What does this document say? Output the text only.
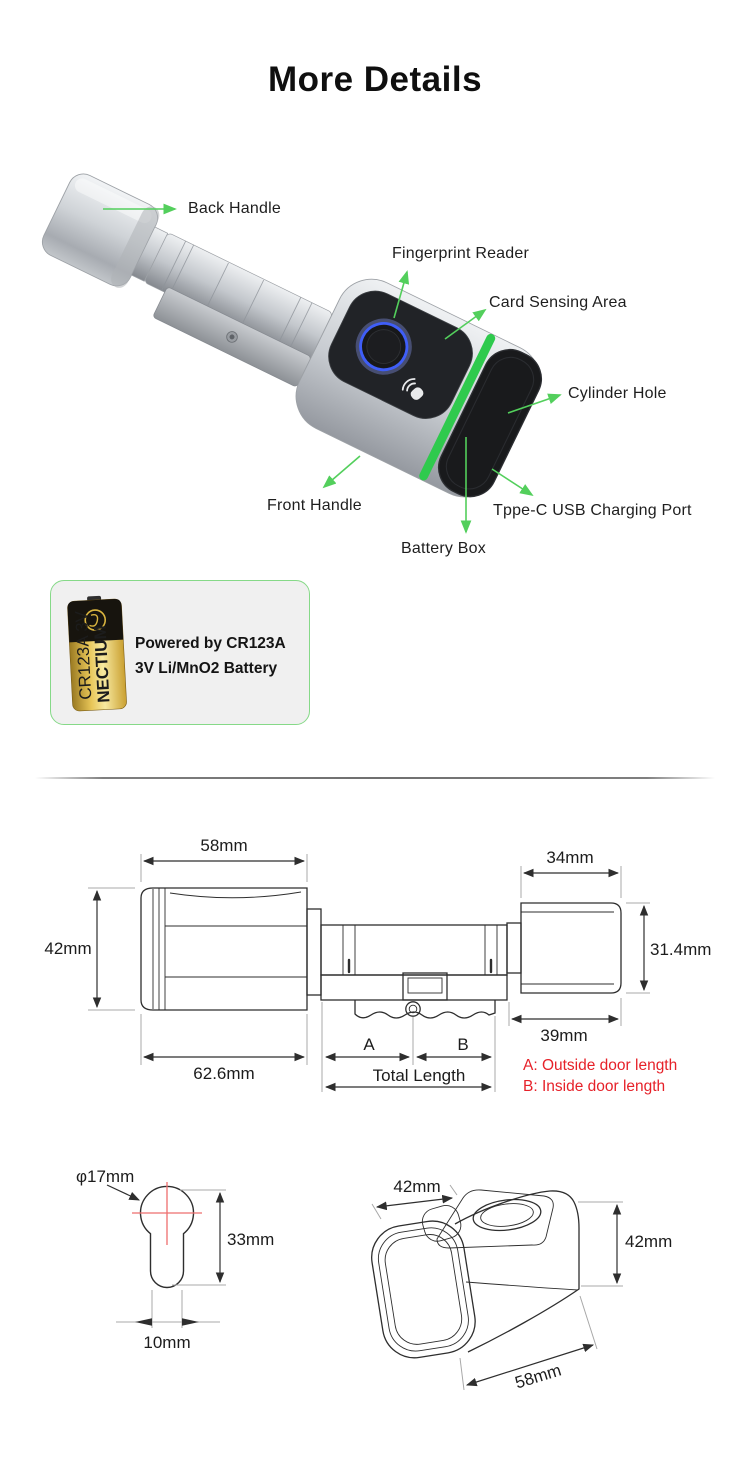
More Details
Back Handle
Fingerprint Reader
Card Sensing Area
Cylinder Hole
Front Handle	Tppe-C USB Charging Port
Battery Box
NECTIUM
CR123A 3V	Powered by CR123A
3V Li/MnO2 Battery
58mm
42mm
34mm
31.4mm
39mm
62.6mm
A	B
Total Length
A: Outside door length
B: Inside door length
φ17mm
33mm
10mm
42mm
42mm
58mm
